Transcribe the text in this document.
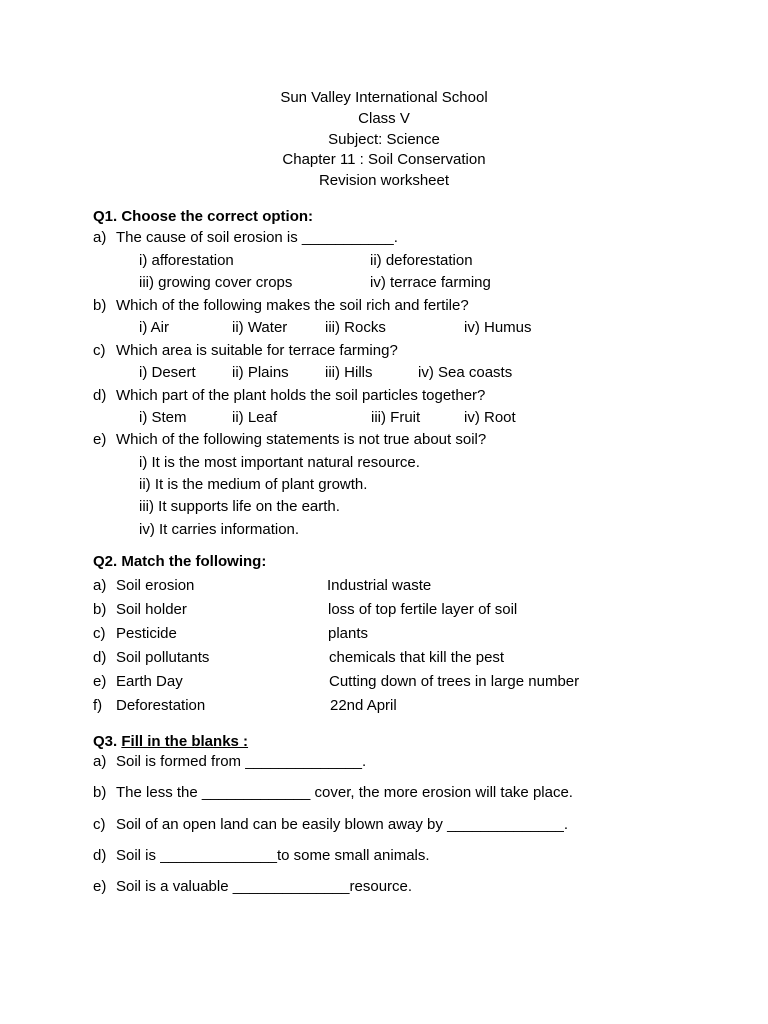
Sun Valley International School
Class V
Subject: Science
Chapter 11 : Soil Conservation
Revision worksheet
Q1. Choose the correct option:
a) The cause of soil erosion is ___________.
i) afforestation	ii) deforestation
iii) growing cover crops	iv) terrace farming
b) Which of the following makes the soil rich and fertile?
i) Air	ii) Water	iii) Rocks	iv) Humus
c) Which area is suitable for terrace farming?
i) Desert ii) Plains iii) Hills	iv) Sea coasts
d) Which part of the plant holds the soil particles together?
i) Stem	ii) Leaf	iii) Fruit	iv) Root
e) Which of the following statements is not true about soil?
i) It is the most important natural resource.
ii) It is the medium of plant growth.
iii) It supports life on the earth.
iv) It carries information.
Q2. Match the following:
a) Soil erosion	Industrial waste
b) Soil holder	loss of top fertile layer of soil
c) Pesticide	plants
d) Soil pollutants	chemicals that kill the pest
e) Earth Day	Cutting down of trees in large number
f) Deforestation	22nd April
Q3. Fill in the blanks :
a) Soil is formed from ______________.
b) The less the _____________ cover, the more erosion will take place.
c) Soil of an open land can be easily blown away by ______________.
d) Soil is ______________to some small animals.
e) Soil is a valuable ______________resource.
